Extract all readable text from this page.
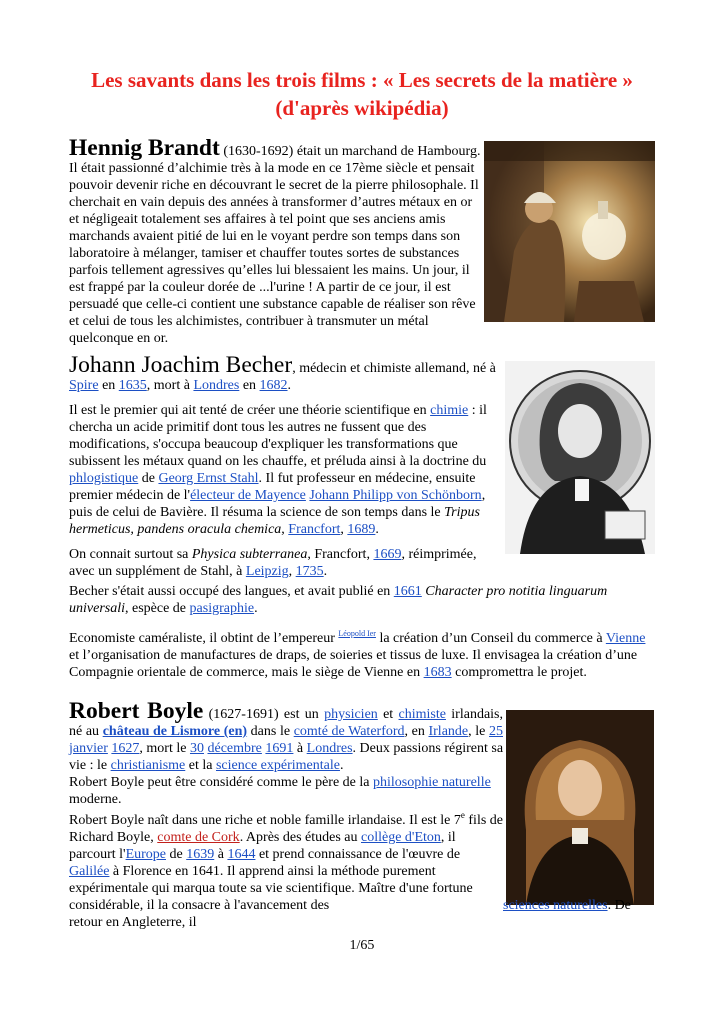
Les savants dans les trois films : « Les secrets de la matière »
(d'après wikipédia)

Hennig Brandt (1630-1692) était un marchand de Hambourg. Il était passionné d’alchimie très à la mode en ce 17ème siècle et pensait pouvoir devenir riche en découvrant le secret de la pierre philosophale. Il cherchait en vain depuis des années à transformer d’autres métaux en or et négligeait totalement ses affaires à tel point que ses anciens amis marchands avaient pitié de lui en le voyant perdre son temps dans son laboratoire à mélanger, tamiser et chauffer toutes sortes de substances parfois tellement agressives qu’elles lui blessaient les mains. Un jour, il est frappé par la couleur dorée de ...l'urine ! A partir de ce jour, il est persuadé que celle-ci contient une substance capable de réaliser son rêve et celui de tous les alchimistes, contribuer à transmuter un métal quelconque en or.

Johann Joachim Becher, médecin et chimiste allemand, né à Spire en 1635, mort à Londres en 1682.

Il est le premier qui ait tenté de créer une théorie scientifique en chimie : il chercha un acide primitif dont tous les autres ne fussent que des modifications, s'occupa beaucoup d'expliquer les transformations que subissent les métaux quand on les chauffe, et préluda ainsi à la doctrine du phlogistique de Georg Ernst Stahl. Il fut professeur en médecine, ensuite premier médecin de l'électeur de Mayence Johann Philipp von Schönborn, puis de celui de Bavière. Il résuma la science de son temps dans le Tripus hermeticus, pandens oracula chemica, Francfort, 1689.

On connait surtout sa Physica subterranea, Francfort, 1669, réimprimée, avec un supplément de Stahl, à Leipzig, 1735.

Becher s'était aussi occupé des langues, et avait publié en 1661 Character pro notitia linguarum universali, espèce de pasigraphie.

Economiste caméraliste, il obtint de l’empereur $^{Léopold Ier}$ la création d’un Conseil du commerce à Vienne et l’organisation de manufactures de draps, de soieries et tissus de luxe. Il envisagea la création d’une Compagnie orientale de commerce, mais le siège de Vienne en 1683 compromettra le projet.

Robert Boyle (1627-1691) est un physicien et chimiste irlandais, né au château de Lismore (en) dans le comté de Waterford, en Irlande, le 25 janvier 1627, mort le 30 décembre 1691 à Londres. Deux passions régirent sa vie : le christianisme et la science expérimentale.

Robert Boyle peut être considéré comme le père de la philosophie naturelle moderne.

Robert Boyle naît dans une riche et noble famille irlandaise. Il est le 7e fils de Richard Boyle, comte de Cork. Après des études au collège d'Eton, il parcourt l'Europe de 1639 à 1644 et prend connaissance de l'œuvre de Galilée à Florence en 1641. Il apprend ainsi la méthode purement expérimentale qui marqua toute sa vie scientifique. Maître d'une fortune considérable, il la consacre à l'avancement des	sciences naturelles. De retour en Angleterre, il

1/65
